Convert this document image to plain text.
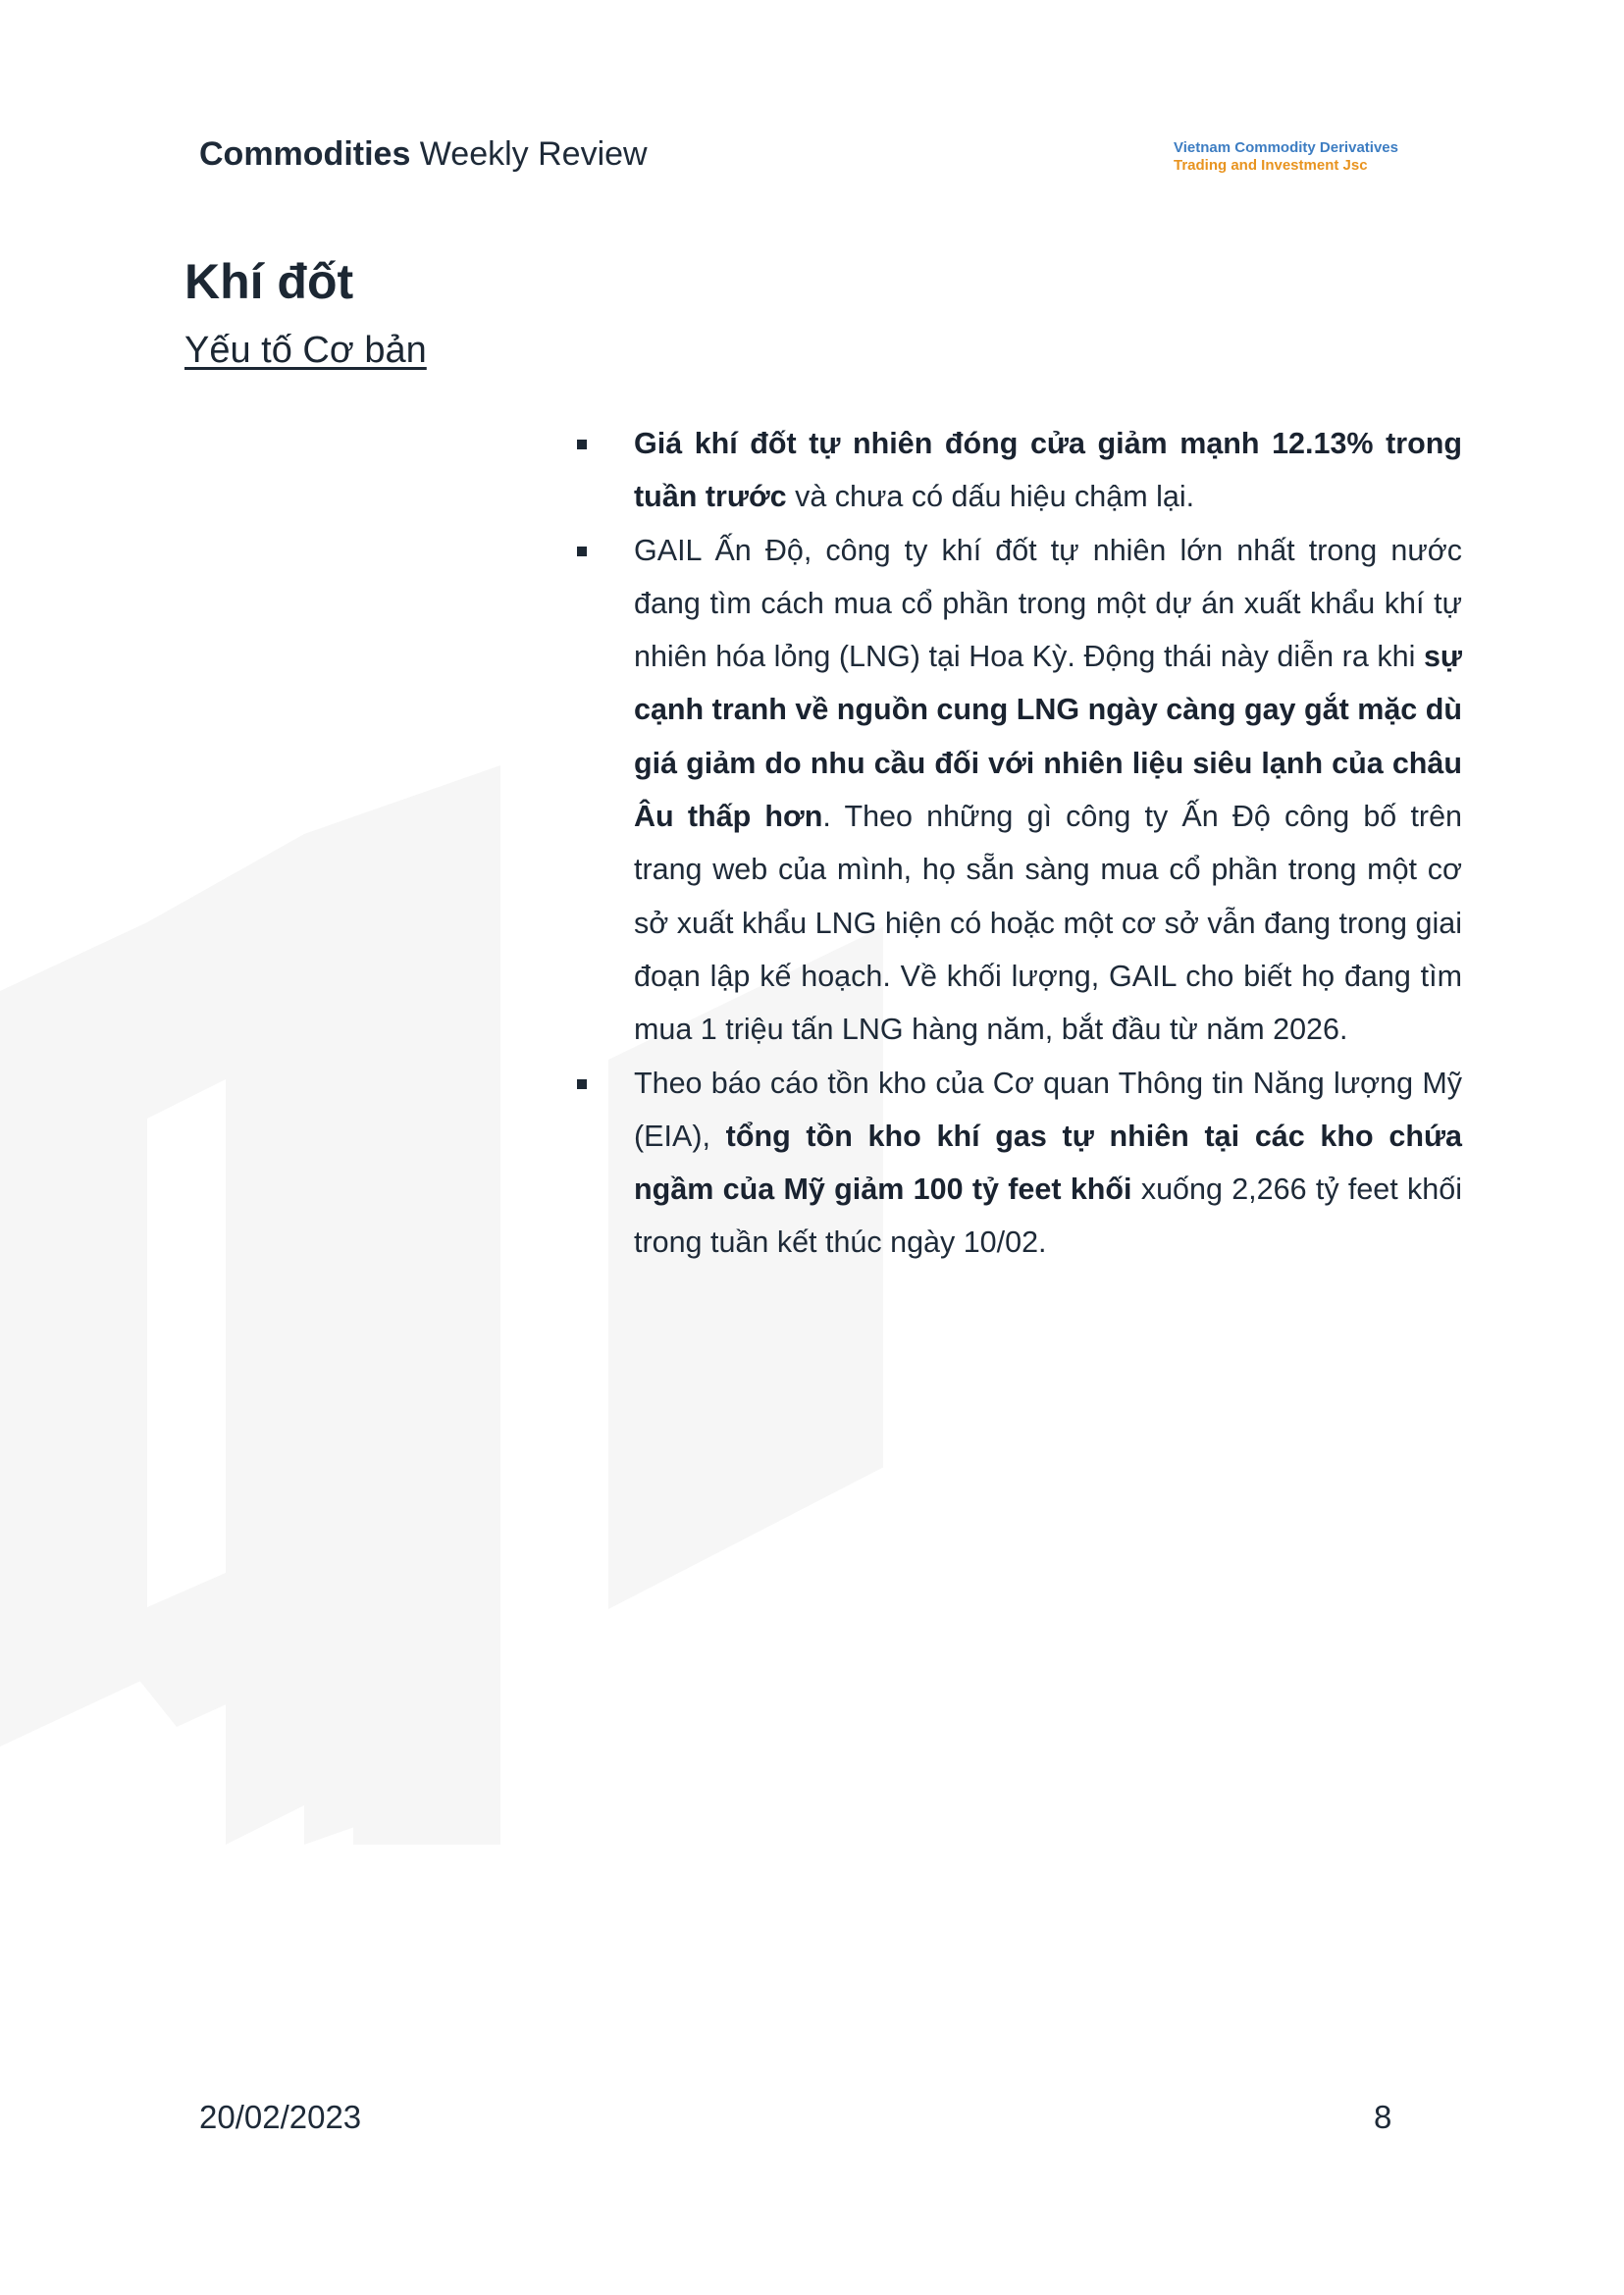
Commodities Weekly Review	Vietnam Commodity Derivatives
Trading and Investment Jsc
Khí đốt
Yếu tố Cơ bản
Giá khí đốt tự nhiên đóng cửa giảm mạnh 12.13% trong tuần trước và chưa có dấu hiệu chậm lại.
GAIL Ấn Độ, công ty khí đốt tự nhiên lớn nhất trong nước đang tìm cách mua cổ phần trong một dự án xuất khẩu khí tự nhiên hóa lỏng (LNG) tại Hoa Kỳ. Động thái này diễn ra khi sự cạnh tranh về nguồn cung LNG ngày càng gay gắt mặc dù giá giảm do nhu cầu đối với nhiên liệu siêu lạnh của châu Âu thấp hơn. Theo những gì công ty Ấn Độ công bố trên trang web của mình, họ sẵn sàng mua cổ phần trong một cơ sở xuất khẩu LNG hiện có hoặc một cơ sở vẫn đang trong giai đoạn lập kế hoạch. Về khối lượng, GAIL cho biết họ đang tìm mua 1 triệu tấn LNG hàng năm, bắt đầu từ năm 2026.
Theo báo cáo tồn kho của Cơ quan Thông tin Năng lượng Mỹ (EIA), tổng tồn kho khí gas tự nhiên tại các kho chứa ngầm của Mỹ giảm 100 tỷ feet khối xuống 2,266 tỷ feet khối trong tuần kết thúc ngày 10/02.
20/02/2023	8
